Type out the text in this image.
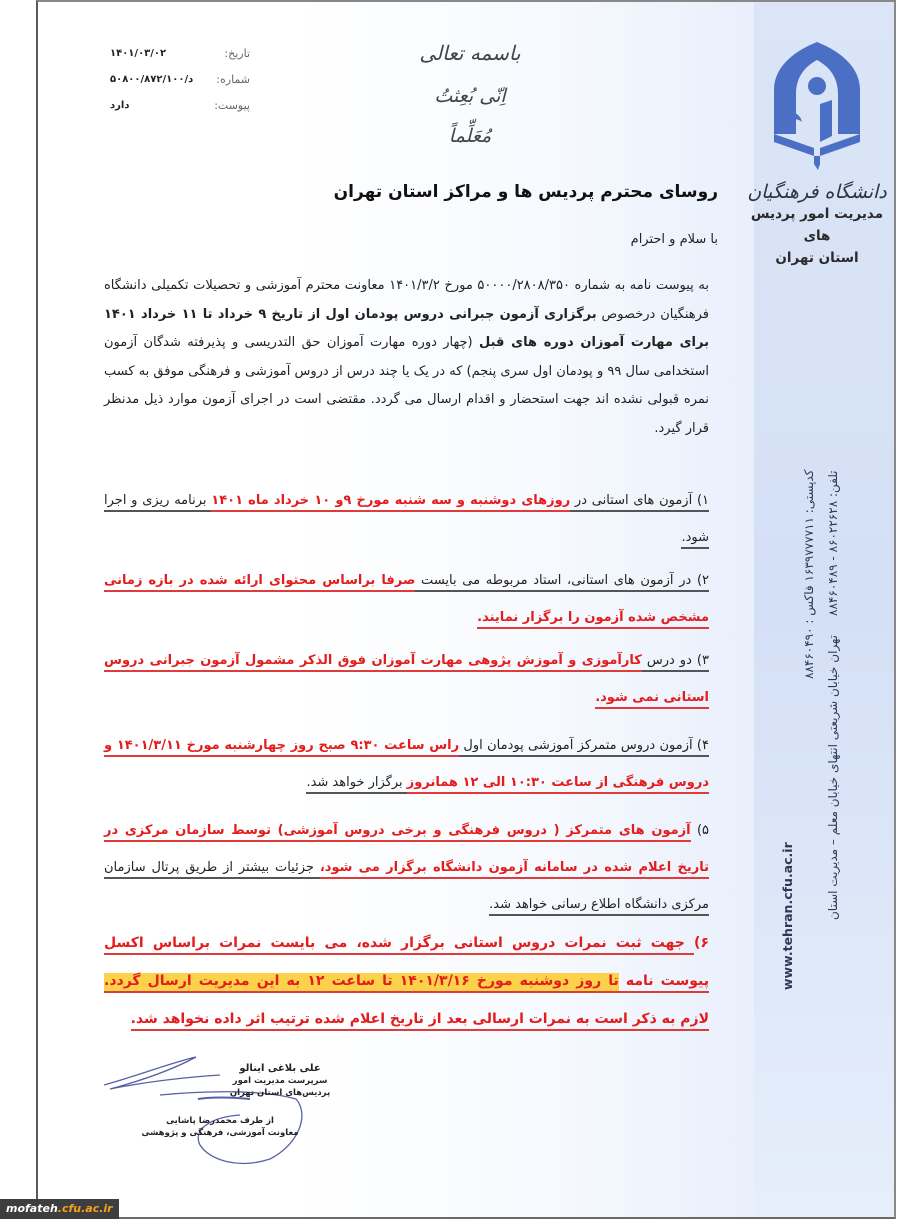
دانشگاه فرهنگیان
مدیریت امور پردیس های
استان تهران
باسمه تعالی
اِنّی بُعِثتُ مُعَلِّماً
تاریخ:
۱۴۰۱/۰۳/۰۲
شماره:
۵۰۸۰۰/۸۷۲/۱۰۰/د
پیوست:
دارد
روسای محترم پردیس ها و مراکز استان تهران
با سلام و احترام
به پیوست نامه به شماره ۵۰۰۰۰/۲۸۰۸/۳۵۰ مورخ ۱۴۰۱/۳/۲ معاونت محترم آموزشی و تحصیلات تکمیلی دانشگاه فرهنگیان درخصوص برگزاری آزمون جبرانی دروس پودمان اول از تاریخ ۹ خرداد تا ۱۱ خرداد ۱۴۰۱ برای مهارت آموزان دوره های قبل (چهار دوره مهارت آموزان حق التدریسی و پذیرفته شدگان آزمون استخدامی سال ۹۹ و پودمان اول سری پنجم) که در یک یا چند درس از دروس آموزشی و فرهنگی موفق به کسب نمره قبولی نشده اند جهت استحضار و اقدام ارسال می گردد. مقتضی است در اجرای آزمون موارد ذیل مدنظر قرار گیرد.
۱) آزمون های استانی در روزهای دوشنبه و سه شنبه مورخ ۹و ۱۰ خرداد ماه ۱۴۰۱ برنامه ریزی و اجرا شود.
۲) در آزمون های استانی، استاد مربوطه می بایست صرفا براساس محتوای ارائه شده در بازه زمانی مشخص شده آزمون را برگزار نمایند.
۳) دو درس کارآموزی و آموزش پژوهی مهارت آموزان فوق الذکر مشمول آزمون جبرانی دروس استانی نمی شود.
۴) آزمون دروس متمرکز آموزشی پودمان اول راس ساعت ۹:۳۰ صبح روز چهارشنبه مورخ ۱۴۰۱/۳/۱۱ و دروس فرهنگی از ساعت ۱۰:۳۰ الی ۱۲ همانروز برگزار خواهد شد.
۵) آزمون های متمرکز ( دروس فرهنگی و برخی دروس آموزشی) توسط سازمان مرکزی در تاریخ اعلام شده در سامانه آزمون دانشگاه برگزار می شود، جزئیات بیشتر از طریق پرتال سازمان مرکزی دانشگاه اطلاع رسانی خواهد شد.
۶) جهت ثبت نمرات دروس استانی برگزار شده، می بایست نمرات براساس اکسل پیوست نامه تا روز دوشنبه مورخ ۱۴۰۱/۳/۱۶ تا ساعت ۱۲ به این مدیریت ارسال گردد. لازم به ذکر است به نمرات ارسالی بعد از تاریخ اعلام شده ترتیب اثر داده نخواهد شد.
تلفن: ۸۶۰۲۲۶۲۸ - ۸۸۴۶۰۴۸۹     تهران خیابان شریعتی انتهای خیابان معلم – مدیریت استان
کدپستی: ۱۶۳۹۷۷۷۷۱۱ فاکس : ۸۸۴۶۰۴۹۰
www.tehran.cfu.ac.ir
علی بلاغی اینالو
سرپرست مدیریت امور
پردیس‌های استان تهران
از طرف محمدرضا پاشایی
معاونت آموزشی، فرهنگی و پژوهشی
mofateh.cfu.ac.ir
